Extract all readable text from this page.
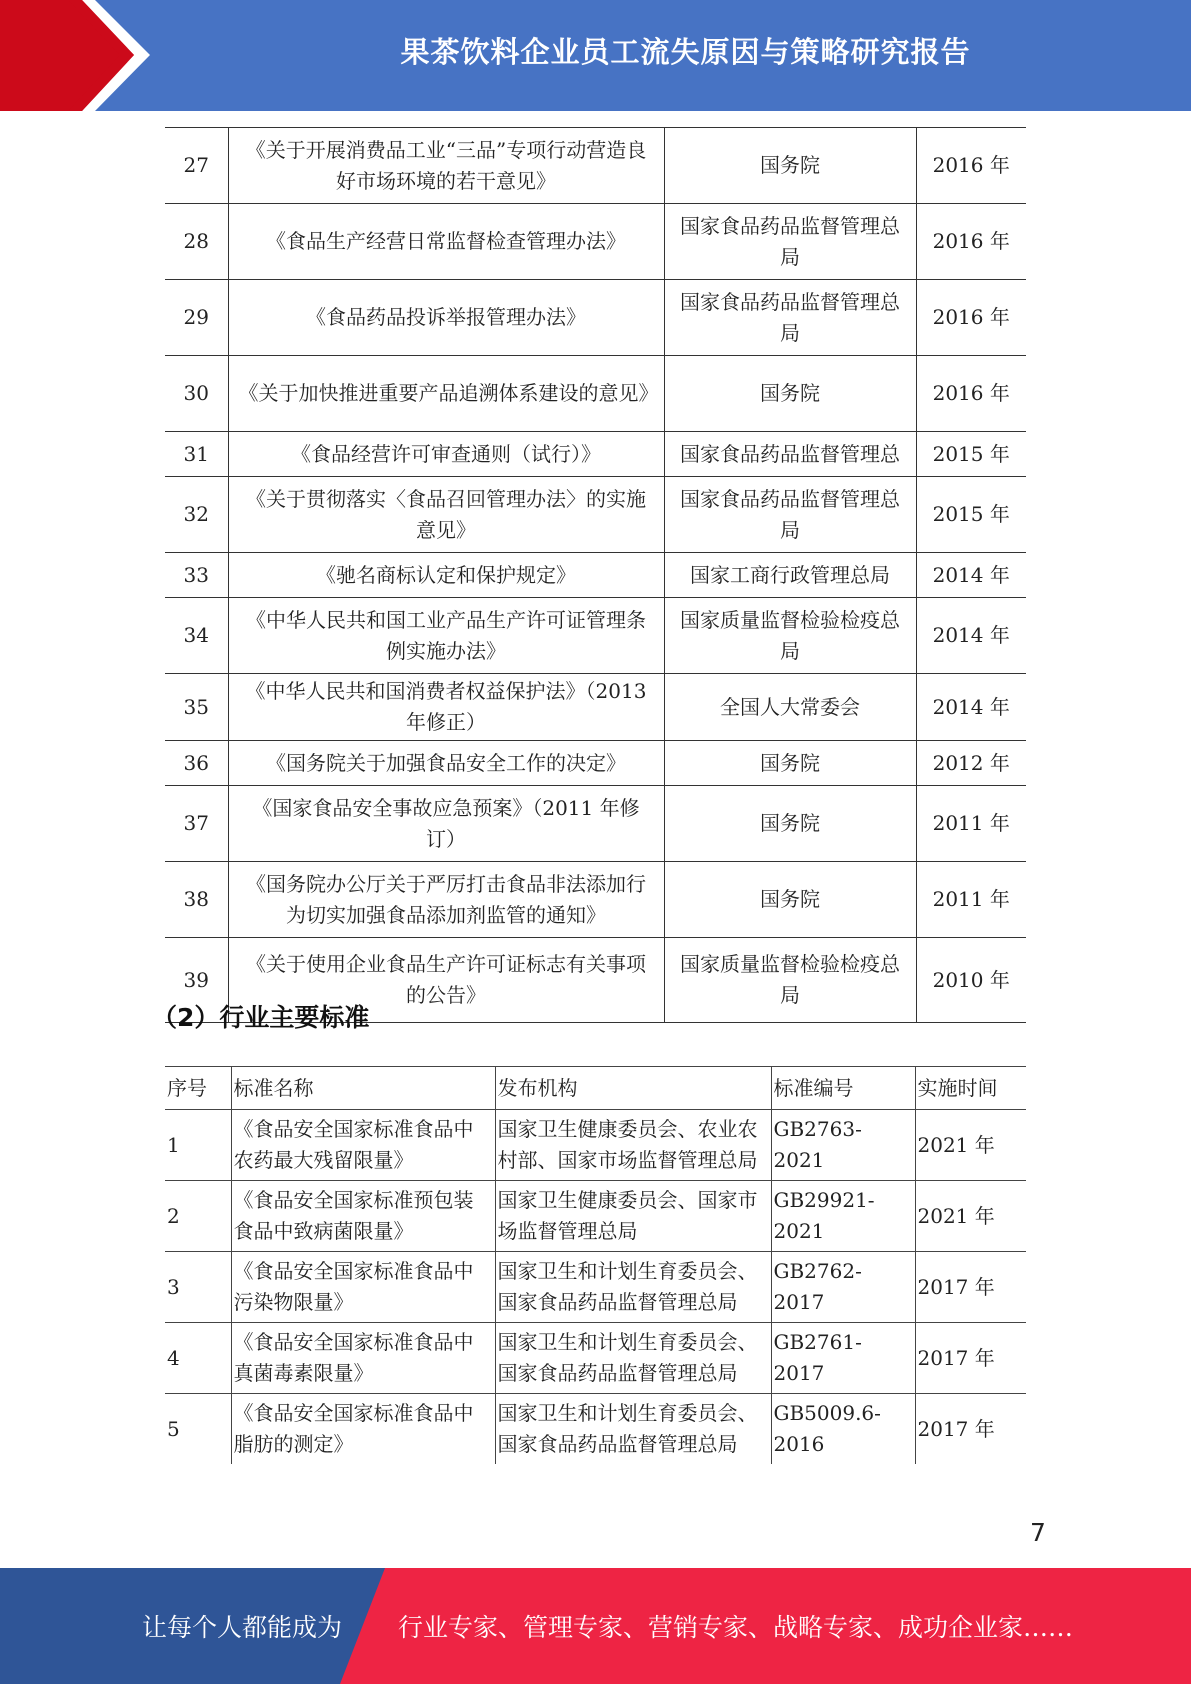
果茶饮料企业员工流失原因与策略研究报告
27	《关于开展消费品工业“三品”专项行动营造良好市场环境的若干意见》	国务院	2016 年
28	《食品生产经营日常监督检查管理办法》	国家食品药品监督管理总局	2016 年
29	《食品药品投诉举报管理办法》	国家食品药品监督管理总局	2016 年
30	《关于加快推进重要产品追溯体系建设的意见》	国务院	2016 年
31	《食品经营许可审查通则（试行）》	国家食品药品监督管理总	2015 年
32	《关于贯彻落实〈食品召回管理办法〉的实施意见》	国家食品药品监督管理总局	2015 年
33	《驰名商标认定和保护规定》	国家工商行政管理总局	2014 年
34	《中华人民共和国工业产品生产许可证管理条例实施办法》	国家质量监督检验检疫总局	2014 年
35	《中华人民共和国消费者权益保护法》（2013 年修正）	全国人大常委会	2014 年
36	《国务院关于加强食品安全工作的决定》	国务院	2012 年
37	《国家食品安全事故应急预案》（2011 年修订）	国务院	2011 年
38	《国务院办公厅关于严厉打击食品非法添加行为切实加强食品添加剂监管的通知》	国务院	2011 年
39	《关于使用企业食品生产许可证标志有关事项的公告》	国家质量监督检验检疫总局	2010 年
（2）行业主要标准
序号	标准名称	发布机构	标准编号	实施时间
1	《食品安全国家标准食品中农药最大残留限量》	国家卫生健康委员会、农业农村部、国家市场监督管理总局	GB2763-2021	2021 年
2	《食品安全国家标准预包装食品中致病菌限量》	国家卫生健康委员会、国家市场监督管理总局	GB29921-2021	2021 年
3	《食品安全国家标准食品中污染物限量》	国家卫生和计划生育委员会、国家食品药品监督管理总局	GB2762-2017	2017 年
4	《食品安全国家标准食品中真菌毒素限量》	国家卫生和计划生育委员会、国家食品药品监督管理总局	GB2761-2017	2017 年
5	《食品安全国家标准食品中脂肪的测定》	国家卫生和计划生育委员会、国家食品药品监督管理总局	GB5009.6-2016	2017 年
7
让每个人都能成为 行业专家、管理专家、营销专家、战略专家、成功企业家……
